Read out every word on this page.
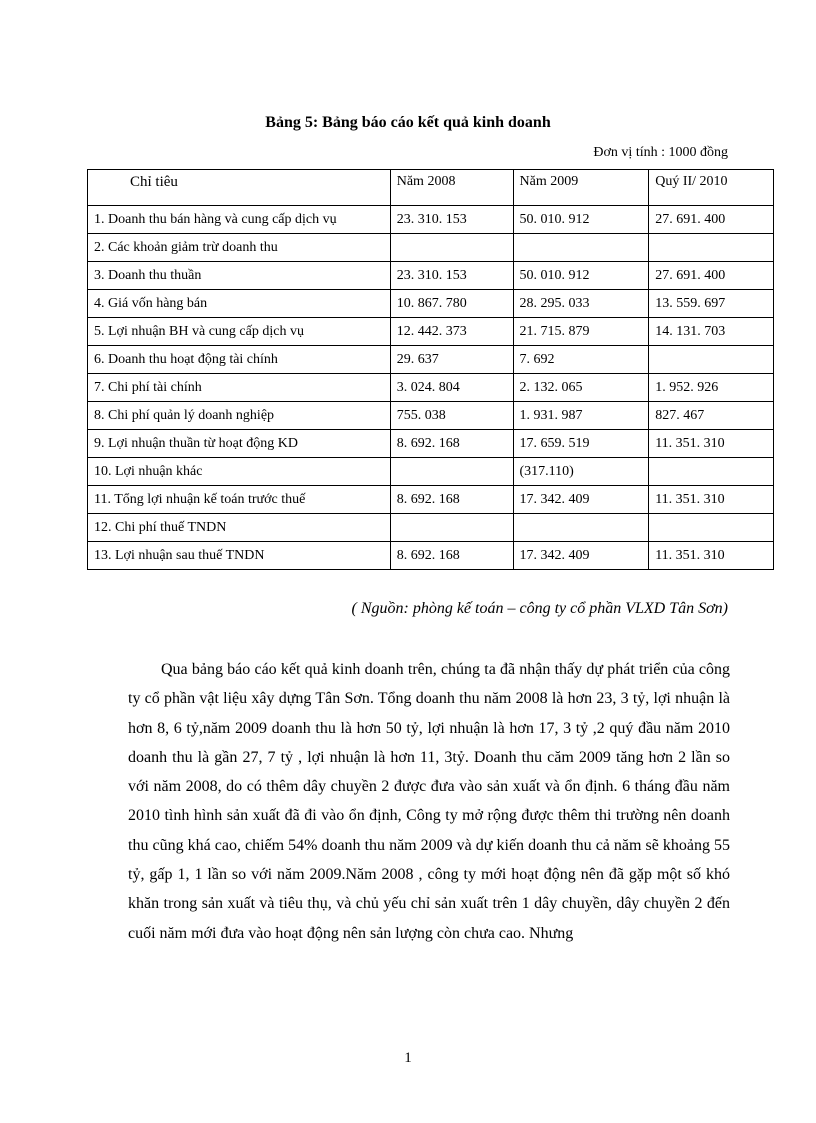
Bảng 5: Bảng báo cáo kết quả kinh doanh
Đơn vị tính : 1000 đồng
Chỉ tiêu	Năm 2008	Năm 2009	Quý II/ 2010
1. Doanh thu bán hàng và cung cấp dịch vụ	23. 310. 153	50. 010. 912	27. 691. 400
2. Các khoản giảm trừ doanh thu			
3. Doanh thu thuần	23. 310. 153	50. 010. 912	27. 691. 400
4. Giá vốn hàng bán	10. 867. 780	28. 295. 033	13. 559. 697
5. Lợi nhuận BH và cung cấp dịch vụ	12. 442. 373	21. 715. 879	14. 131. 703
6. Doanh thu hoạt động tài chính	29. 637	7. 692	
7. Chi phí tài chính	3. 024. 804	2. 132. 065	1. 952. 926
8. Chi phí quản lý doanh nghiệp	755. 038	1. 931. 987	827. 467
9. Lợi nhuận thuần từ hoạt động KD	8. 692. 168	17. 659. 519	11. 351. 310
10. Lợi nhuận khác		(317.110)	
11. Tổng lợi nhuận kế toán trước thuế	8. 692. 168	17. 342. 409	11. 351. 310
12. Chi phí thuế TNDN			
13. Lợi nhuận sau thuế TNDN	8. 692. 168	17. 342. 409	11. 351. 310
( Nguồn: phòng kế toán – công ty cổ phần VLXD Tân Sơn)

Qua bảng báo cáo kết quả kinh doanh trên, chúng ta đã nhận thấy dự phát triển của công ty cổ phần vật liệu xây dựng Tân Sơn. Tổng doanh thu năm 2008 là hơn 23, 3 tỷ, lợi nhuận là hơn 8, 6 tỷ,năm 2009 doanh thu là hơn 50 tỷ, lợi nhuận là hơn 17, 3 tỷ ,2 quý đầu năm 2010 doanh thu là gần 27, 7 tỷ , lợi nhuận là hơn 11, 3tỷ. Doanh thu căm 2009 tăng hơn 2 lần so với năm 2008, do có thêm dây chuyền 2 được đưa vào sản xuất và ổn định. 6 tháng đầu năm 2010 tình hình sản xuất đã đi vào ổn định, Công ty mở rộng được thêm thi trường nên doanh thu cũng khá cao, chiếm 54% doanh thu năm 2009 và dự kiến doanh thu cả năm sẽ khoảng 55 tỷ, gấp 1, 1 lần so với năm 2009.Năm 2008 , công ty mới hoạt động nên đã gặp một số khó khăn trong sản xuất và tiêu thụ, và chủ yếu chỉ sản xuất trên 1 dây chuyền, dây chuyền 2 đến cuối năm mới đưa vào hoạt động nên sản lượng còn chưa cao. Nhưng

1
